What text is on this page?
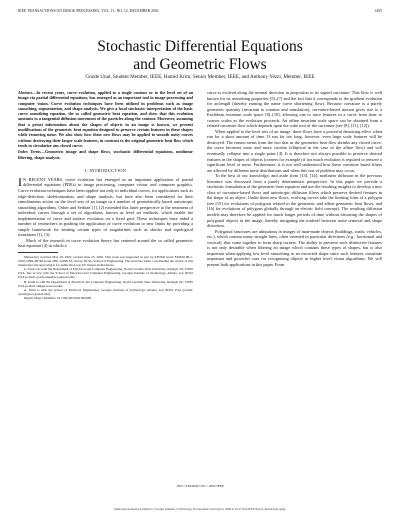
IEEE TRANSACTIONS ON IMAGE PROCESSING, VOL. 11, NO. 12, DECEMBER 2002	1405
Stochastic Differential Equations
and Geometric Flows
Gozde Unal, Student Member, IEEE, Hamid Krim, Senior Member, IEEE, and Anthony Yezzi, Member, IEEE

Abstract—In recent years, curve evolution, applied to a single contour or to the level set of an image via partial differential equations, has emerged as an important tool in image processing and computer vision. Curve evolution techniques have been utilized in problems such as image smoothing, segmentation, and shape analysis. We give a local stochastic interpretation of the basic curve smoothing equation, the so called geometric heat equation, and show that this evolution amounts to a tangential diffusion movement of the particles along the contour. Moreover, assuming that a priori information about the shapes of objects in an image is known, we present modifications of the geometric heat equation designed to preserve certain features in these shapes while removing noise. We also show how these new flows may be applied to smooth noisy curves without destroying their larger scale features, in contrast to the original geometric heat flow which tends to circularize any closed curve.

Index Terms—Geometric image and shape flows, stochastic differential equations, nonlinear filtering, shape analysis.

I. INTRODUCTION

I N RECENT YEARS, curve evolution has emerged as an important application of partial differential equations (PDEs) in image processing, computer vision, and computer graphics. Curve evolution techniques have been applied not only to individual curves, for applications such as edge-detection, skeletonization, and shape analysis, but have also been considered for their simultaneous action on the level sets of an image in a number of geometrically based anisotropic smoothing algorithms. Osher and Sethian [1], [2] extended this latter perspective to the treatment of individual curves through a set of algorithms, known as level set methods, which enable the implementation of curve and surface evolution on a fixed grid. These techniques have aided a number of researchers in pushing the application of curve evolution to new limits by providing a simple framework for treating certain types of singularities such as shocks and topological transitions [1], [3].

Much of the research in curve evolution theory has centered around the so called geometric heat equation [4] in which a

Manuscript received May 29, 2001; revised June 25, 2002. This work was supported in part by AFOSR Grant F49620-98-1-0190, ONR-MURI Grant JHU-72298-S2, and by NCSU School of Engineering. The associate editor coordinating the review of this manuscript and approving it for publication was Dr. Nasser Kehtarnavaz.

G. Unal was with the Department of Electrical and Computer Engineering, North Carolina State University, Raleigh, NC 27695 USA. She is now with the School of Electrical and Computer Engineering, Georgia Institute of Technology, Atlanta, GA 30332 USA (e-mail: gozde.unal@ece.gatech.edu).

H. Krim is with the Department of Electrical and Computer Engineering, North Carolina State University, Raleigh, NC 27695 USA (e-mail: ahk@eos.ncsu.edu).

A. Yezzi is with the School of Electrical Engineering, Georgia Institute of Technology, Atlanta, GA 30332 USA (e-mail: ayezzi@ece.gatech.edu).

Digital Object Identifier 10.1109/TIP.2002.804568

curve is evolved along the normal direction in proportion to its signed curvature. This flow is well known for its smoothing properties [5]–[7] and the fact that it corresponds to the gradient evolution for arclength (thereby earning the name curve shortening flow). Because curvature is a purely geometric quantity (invariant to rotation and translation), curvature-based motion gives rise to a Euclidean invariant scale space [8]–[10], allowing one to trace features in a curve from finer to coarser scales as the evolution proceeds. An affine invariant scale space can be obtained from a related curvature flow which depends upon the cube root of the curvature (see [8], [11], [12]).

When applied to the level sets of an image, these flows have a powerful denoising effect when run for a short amount of time. If run for too long, however, even large scale features will be destroyed. The reason stems from the fact that as the geometric heat flow shrinks any closed curve, the curve becomes more and more circular (elliptical in the case of the affine flow) and will eventually collapse into a single point [4]. It is therefore not always possible to preserve desired features in the shapes of objects (corners for example) if too much evolution is required to remove a significant level of noise. Furthermore, it is not well understood how these curvature based filters are affected by different noise distributions and when this sort of problem may occur.

To the best of our knowledge, and aside from [13], [14], nonlinear diffusion in the previous literature was discussed from a purely deterministic perspective. In this paper we provide a stochastic formulation of the geometric heat equation and use the resulting insights to develop a new class of curvature-based flows and anisotropic diffusion filters which preserve desired features in the shape of an object. Under these new flows, evolving curves take the limiting form of a polygon (see [15] for evolutions of polygons related to the geometric and affine geometric heat flows, and [16] for evolutions of polygons globally through an electric field concept). The resulting diffusion models may therefore be applied for much longer periods of time without distorting the shapes of polygonal objects in the image, thereby mitigating the tradeoff between noise removal and shape distortion.

Polygonal structures are ubiquitous in images of man-made objects (buildings, roads, vehicles, etc.), which contain many straight lines, often oriented in particular directions (e.g., horizontal and vertical), that come together to form sharp corners. The ability to preserve such distinctive features is not only desirable when filtering an image which contains these types of shapes, but is also important when applying low level smoothing to an extracted shape since such features constitute important and powerful cues for recognizing objects in higher level vision algorithms. We will present both applications in this paper. From

1057-7149/02$17.00 © 2002 IEEE
Authorized licensed use limited to: Georgia Institute of Technology. Downloaded on October 6, 2008 at 15:47 from IEEE Xplore. Restrictions apply.
